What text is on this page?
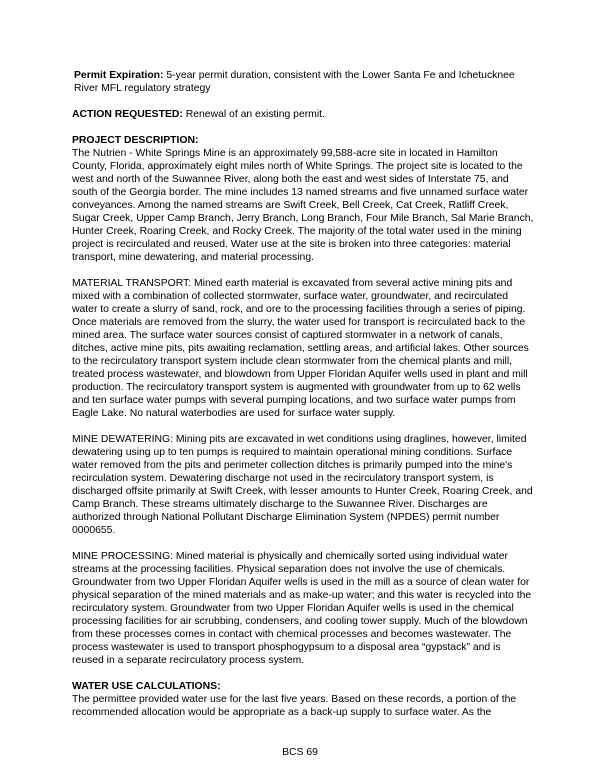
Permit Expiration: 5-year permit duration, consistent with the Lower Santa Fe and Ichetucknee River MFL regulatory strategy

ACTION REQUESTED: Renewal of an existing permit.

PROJECT DESCRIPTION:

The Nutrien - White Springs Mine is an approximately 99,588-acre site in located in Hamilton County, Florida, approximately eight miles north of White Springs. The project site is located to the west and north of the Suwannee River, along both the east and west sides of Interstate 75, and south of the Georgia border. The mine includes 13 named streams and five unnamed surface water conveyances. Among the named streams are Swift Creek, Bell Creek, Cat Creek, Ratliff Creek, Sugar Creek, Upper Camp Branch, Jerry Branch, Long Branch, Four Mile Branch, Sal Marie Branch, Hunter Creek, Roaring Creek, and Rocky Creek. The majority of the total water used in the mining project is recirculated and reused. Water use at the site is broken into three categories: material transport, mine dewatering, and material processing.

MATERIAL TRANSPORT: Mined earth material is excavated from several active mining pits and mixed with a combination of collected stormwater, surface water, groundwater, and recirculated water to create a slurry of sand, rock, and ore to the processing facilities through a series of piping. Once materials are removed from the slurry, the water used for transport is recirculated back to the mined area. The surface water sources consist of captured stormwater in a network of canals, ditches, active mine pits, pits awaiting reclamation, settling areas, and artificial lakes. Other sources to the recirculatory transport system include clean stormwater from the chemical plants and mill, treated process wastewater, and blowdown from Upper Floridan Aquifer wells used in plant and mill production. The recirculatory transport system is augmented with groundwater from up to 62 wells and ten surface water pumps with several pumping locations, and two surface water pumps from Eagle Lake. No natural waterbodies are used for surface water supply.

MINE DEWATERING: Mining pits are excavated in wet conditions using draglines, however, limited dewatering using up to ten pumps is required to maintain operational mining conditions. Surface water removed from the pits and perimeter collection ditches is primarily pumped into the mine's recirculation system. Dewatering discharge not used in the recirculatory transport system, is discharged offsite primarily at Swift Creek, with lesser amounts to Hunter Creek, Roaring Creek, and Camp Branch. These streams ultimately discharge to the Suwannee River. Discharges are authorized through National Pollutant Discharge Elimination System (NPDES) permit number 0000655.

MINE PROCESSING: Mined material is physically and chemically sorted using individual water streams at the processing facilities. Physical separation does not involve the use of chemicals. Groundwater from two Upper Floridan Aquifer wells is used in the mill as a source of clean water for physical separation of the mined materials and as make-up water; and this water is recycled into the recirculatory system. Groundwater from two Upper Floridan Aquifer wells is used in the chemical processing facilities for air scrubbing, condensers, and cooling tower supply. Much of the blowdown from these processes comes in contact with chemical processes and becomes wastewater. The process wastewater is used to transport phosphogypsum to a disposal area “gypstack” and is reused in a separate recirculatory process system.

WATER USE CALCULATIONS:

The permittee provided water use for the last five years. Based on these records, a portion of the recommended allocation would be appropriate as a back-up supply to surface water. As the

BCS 69
